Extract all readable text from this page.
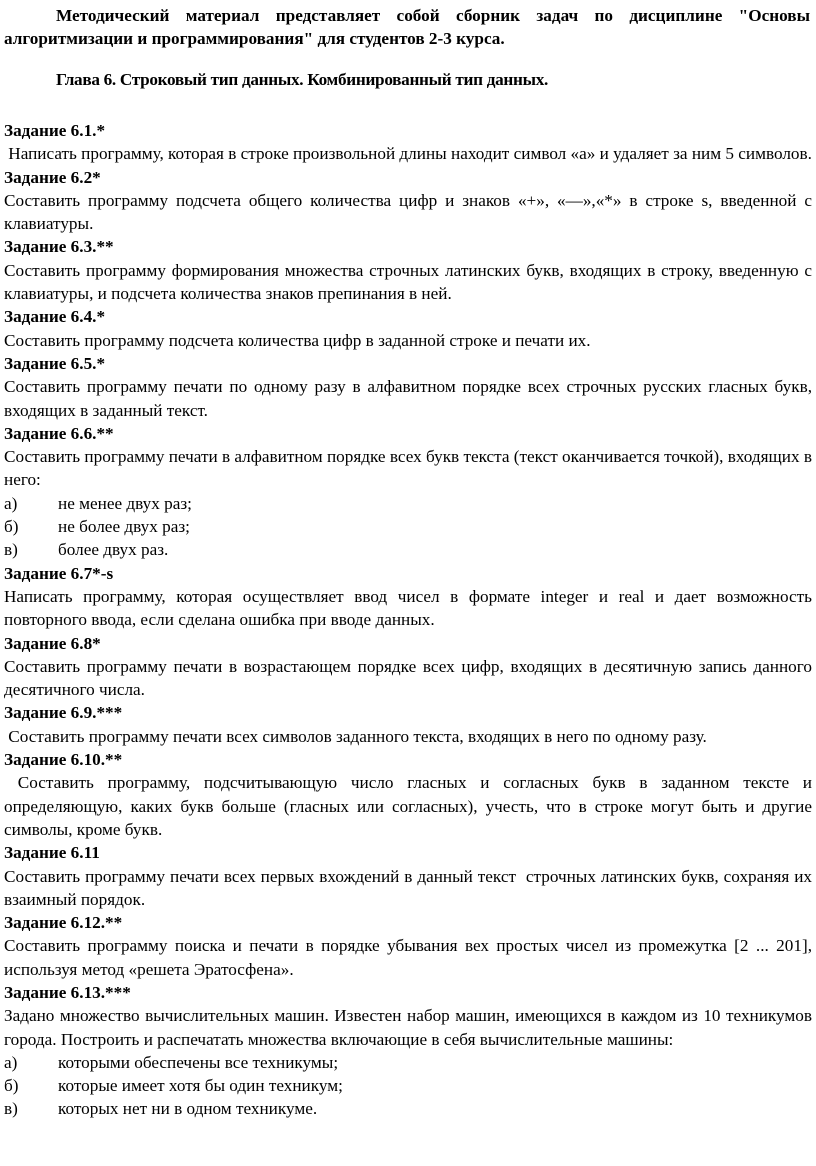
Методический материал представляет собой сборник задач по дисциплине "Основы алгоритмизации и программирования" для студентов 2-3 курса.
Глава 6. Строковый тип данных. Комбинированный тип данных.
Задание 6.1.*
Написать программу, которая в строке произвольной длины находит символ «a» и удаляет за ним 5 символов.
Задание 6.2*
Составить программу подсчета общего количества цифр и знаков «+», «—»,«*» в строке s, введенной с клавиатуры.
Задание 6.3.**
Составить программу формирования множества строчных латинских букв, входящих в строку, введенную с клавиатуры, и подсчета количества знаков препинания в ней.
Задание 6.4.*
Составить программу подсчета количества цифр в заданной строке и печати их.
Задание 6.5.*
Составить программу печати по одному разу в алфавитном порядке всех строчных русских гласных букв, входящих в заданный текст.
Задание 6.6.**
Составить программу печати в алфавитном порядке всех букв текста (текст оканчивается точкой), входящих в него:
а)	не менее двух раз;
б)	не более двух раз;
в)	более двух раз.
Задание 6.7*-s
Написать программу, которая осуществляет ввод чисел в формате integer и real и дает возможность повторного ввода, если сделана ошибка при вводе данных.
Задание 6.8*
Составить программу печати в возрастающем порядке всех цифр, входящих в десятичную запись данного десятичного числа.
Задание 6.9.***
Составить программу печати всех символов заданного текста, входящих в него по одному разу.
Задание 6.10.**
Составить программу, подсчитывающую число гласных и согласных букв в заданном тексте и определяющую, каких букв больше (гласных или согласных), учесть, что в строке могут быть и другие символы, кроме букв.
Задание 6.11
Составить программу печати всех первых вхождений в данный текст  строчных латинских букв, сохраняя их взаимный порядок.
Задание 6.12.**
Составить программу поиска и печати в порядке убывания вех простых чисел из промежутка [2 ... 201], используя метод «решета Эратосфена».
Задание 6.13.***
Задано множество вычислительных машин. Известен набор машин, имеющихся в каждом из 10 техникумов города. Построить и распечатать множества включающие в себя вычислительные машины:
а)	которыми обеспечены все техникумы;
б)	которые имеет хотя бы один техникум;
в)	которых нет ни в одном техникуме.
